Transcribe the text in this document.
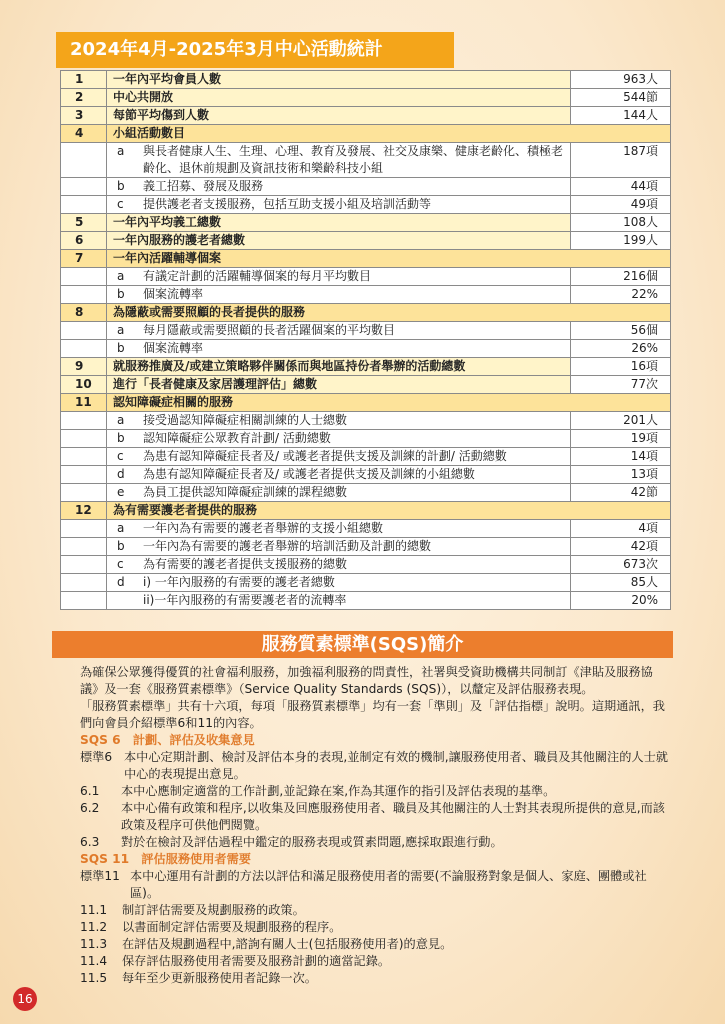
2024年4月-2025年3月中心活動統計
1	一年內平均會員人數	963人
2	中心共開放	544節
3	每節平均傷到人數	144人
4	小組活動數目	
	a 與長者健康人生、生理、心理、教育及發展、社交及康樂、健康老齡化、積極老齡化、退休前規劃及資訊技術和樂齡科技小組	187項
	b 義工招募、發展及服務	44項
	c 提供護老者支援服務，包括互助支援小組及培訓活動等	49項
5	一年內平均義工總數	108人
6	一年內服務的護老者總數	199人
7	一年內活躍輔導個案	
	a 有議定計劃的活躍輔導個案的每月平均數目	216個
	b 個案流轉率	22%
8	為隱蔽或需要照顧的長者提供的服務	
	a 每月隱蔽或需要照顧的長者活躍個案的平均數目	56個
	b 個案流轉率	26%
9	就服務推廣及/或建立策略夥伴關係而與地區持份者舉辦的活動總數	16項
10	進行「長者健康及家居護理評估」總數	77次
11	認知障礙症相關的服務	
	a 接受過認知障礙症相關訓練的人士總數	201人
	b 認知障礙症公眾教育計劃/ 活動總數	19項
	c 為患有認知障礙症長者及/ 或護老者提供支援及訓練的計劃/ 活動總數	14項
	d 為患有認知障礙症長者及/ 或護老者提供支援及訓練的小組總數	13項
	e 為員工提供認知障礙症訓練的課程總數	42節
12	為有需要護老者提供的服務	
	a 一年內為有需要的護老者舉辦的支援小組總數	4項
	b 一年內為有需要的護老者舉辦的培訓活動及計劃的總數	42項
	c 為有需要的護老者提供支援服務的總數	673次
	d i) 一年內服務的有需要的護老者總數	85人
	ii)一年內服務的有需要護老者的流轉率	20%
服務質素標準(SQS)簡介

為確保公眾獲得優質的社會福利服務，加強福利服務的問責性，社署與受資助機構共同制訂《津貼及服務協議》及一套《服務質素標準》（Service Quality Standards (SQS)），以釐定及評估服務表現。

「服務質素標準」共有十六項，每項「服務質素標準」均有一套「準則」及「評估指標」說明。這期通訊，我們向會員介紹標準6和11的內容。

SQS 6　計劃、評估及收集意見
標準6 本中心定期計劃、檢討及評估本身的表現,並制定有效的機制,讓服務使用者、職員及其他關注的人士就中心的表現提出意見。
6.1	本中心應制定適當的工作計劃,並記錄在案,作為其運作的指引及評估表現的基準。
6.2	本中心備有政策和程序,以收集及回應服務使用者、職員及其他關注的人士對其表現所提供的意見,而該政策及程序可供他們閱覽。
6.3	對於在檢討及評估過程中鑑定的服務表現或質素問題,應採取跟進行動。
SQS 11　評估服務使用者需要
標準11 本中心運用有計劃的方法以評估和滿足服務使用者的需要(不論服務對象是個人、家庭、團體或社區)。
11.1	制訂評估需要及規劃服務的政策。
11.2	以書面制定評估需要及規劃服務的程序。
11.3	在評估及規劃過程中,諮詢有關人士(包括服務使用者)的意見。
11.4	保存評估服務使用者需要及服務計劃的適當記錄。
11.5	每年至少更新服務使用者記錄一次。
16
